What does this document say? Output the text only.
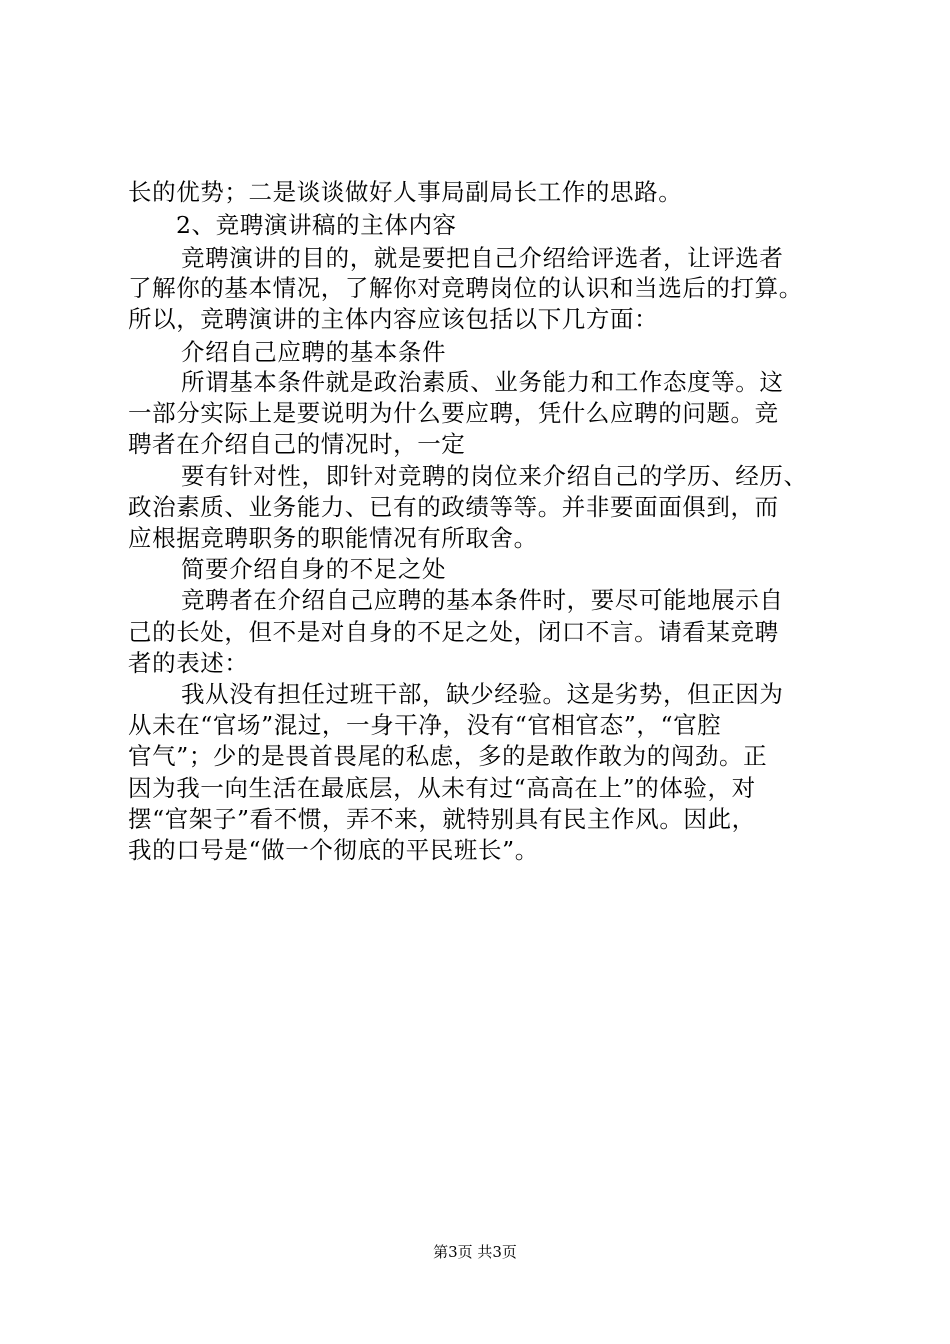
长的优势；二是谈谈做好人事局副局长工作的思路。
2、竞聘演讲稿的主体内容
竞聘演讲的目的，就是要把自己介绍给评选者，让评选者
了解你的基本情况，了解你对竞聘岗位的认识和当选后的打算。
所以，竞聘演讲的主体内容应该包括以下几方面：
介绍自己应聘的基本条件
所谓基本条件就是政治素质、业务能力和工作态度等。这
一部分实际上是要说明为什么要应聘，凭什么应聘的问题。竞
聘者在介绍自己的情况时，一定
要有针对性，即针对竞聘的岗位来介绍自己的学历、经历、
政治素质、业务能力、已有的政绩等等。并非要面面俱到，而
应根据竞聘职务的职能情况有所取舍。
简要介绍自身的不足之处
竞聘者在介绍自己应聘的基本条件时，要尽可能地展示自
己的长处，但不是对自身的不足之处，闭口不言。请看某竞聘
者的表述：
我从没有担任过班干部，缺少经验。这是劣势，但正因为
从未在“官场”混过，一身干净，没有“官相官态”，“官腔
官气”；少的是畏首畏尾的私虑，多的是敢作敢为的闯劲。正
因为我一向生活在最底层，从未有过“高高在上”的体验，对
摆“官架子”看不惯，弄不来，就特别具有民主作风。因此，
我的口号是“做一个彻底的平民班长”。
第3页 共3页
